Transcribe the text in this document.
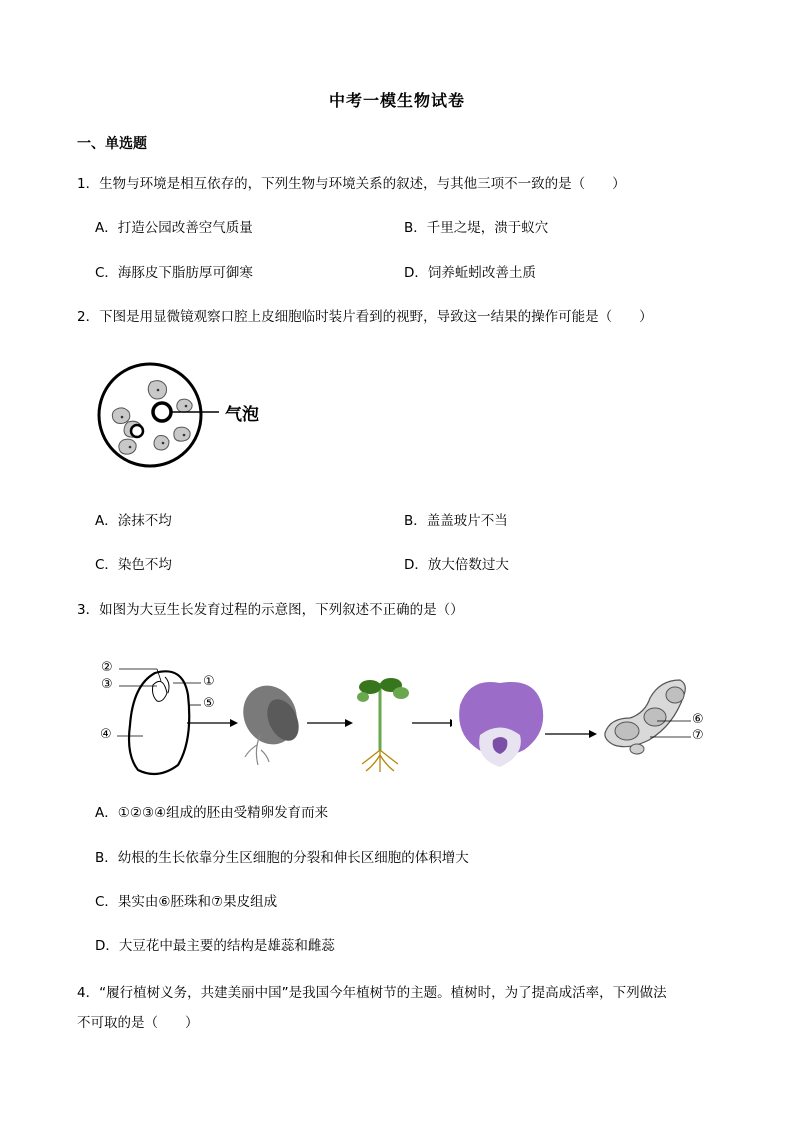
中考一模生物试卷
一、单选题
1．生物与环境是相互依存的，下列生物与环境关系的叙述，与其他三项不一致的是（　　）
A．打造公园改善空气质量	B．千里之堤，溃于蚁穴
C．海豚皮下脂肪厚可御寒	D．饲养蚯蚓改善土质
2．下图是用显微镜观察口腔上皮细胞临时装片看到的视野，导致这一结果的操作可能是（　　）
气泡
A．涂抹不均	B．盖盖玻片不当
C．染色不均	D．放大倍数过大
3．如图为大豆生长发育过程的示意图，下列叙述不正确的是（）
②
③	①
⑤
④
⑥
⑦
A．①②③④组成的胚由受精卵发育而来
B．幼根的生长依靠分生区细胞的分裂和伸长区细胞的体积增大
C．果实由⑥胚珠和⑦果皮组成
D．大豆花中最主要的结构是雄蕊和雌蕊
4．“履行植树义务，共建美丽中国”是我国今年植树节的主题。植树时，为了提高成活率，下列做法
不可取的是（　　）
